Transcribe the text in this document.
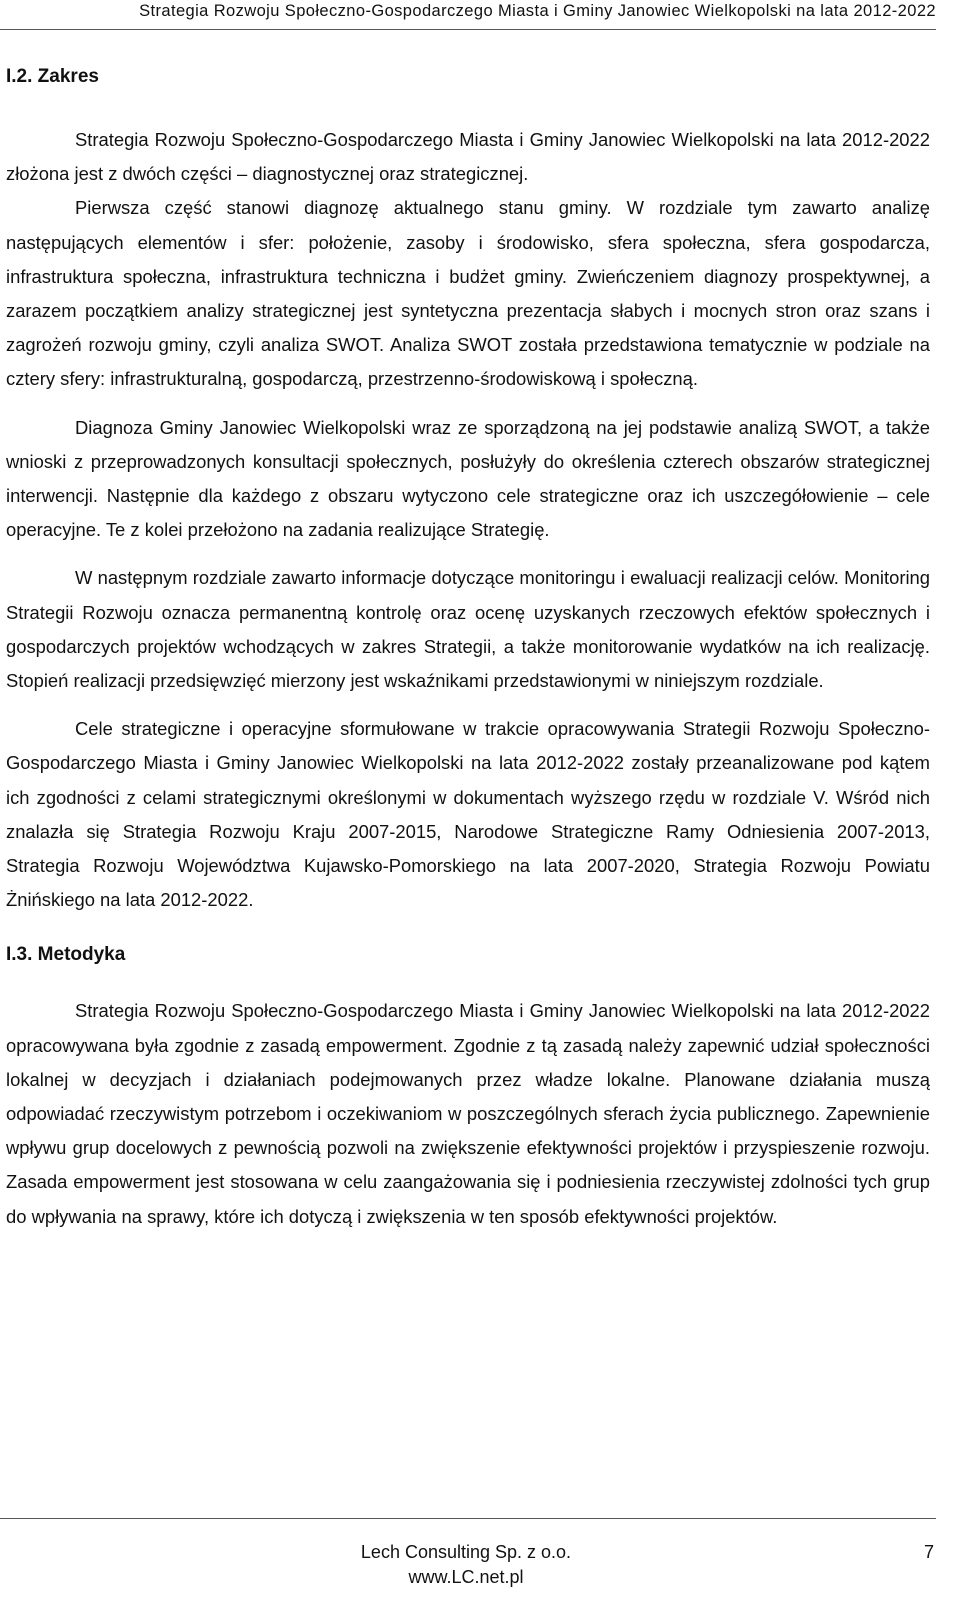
Strategia Rozwoju Społeczno-Gospodarczego Miasta i Gminy Janowiec Wielkopolski na lata 2012-2022
I.2. Zakres

Strategia Rozwoju Społeczno-Gospodarczego Miasta i Gminy Janowiec Wielkopolski na lata 2012-2022 złożona jest z dwóch części – diagnostycznej oraz strategicznej.

Pierwsza część stanowi diagnozę aktualnego stanu gminy. W rozdziale tym zawarto analizę następujących elementów i sfer: położenie, zasoby i środowisko, sfera społeczna, sfera gospodarcza, infrastruktura społeczna, infrastruktura techniczna i budżet gminy. Zwieńczeniem diagnozy prospektywnej, a zarazem początkiem analizy strategicznej jest syntetyczna prezentacja słabych i mocnych stron oraz szans i zagrożeń rozwoju gminy, czyli analiza SWOT. Analiza SWOT została przedstawiona tematycznie w podziale na cztery sfery: infrastrukturalną, gospodarczą, przestrzenno-środowiskową i społeczną.

Diagnoza Gminy Janowiec Wielkopolski wraz ze sporządzoną na jej podstawie analizą SWOT, a także wnioski z przeprowadzonych konsultacji społecznych, posłużyły do określenia czterech obszarów strategicznej interwencji. Następnie dla każdego z obszaru wytyczono cele strategiczne oraz ich uszczegółowienie – cele operacyjne. Te z kolei przełożono na zadania realizujące Strategię.

W następnym rozdziale zawarto informacje dotyczące monitoringu i ewaluacji realizacji celów. Monitoring Strategii Rozwoju oznacza permanentną kontrolę oraz ocenę uzyskanych rzeczowych efektów społecznych i gospodarczych projektów wchodzących w zakres Strategii, a także monitorowanie wydatków na ich realizację. Stopień realizacji przedsięwzięć mierzony jest wskaźnikami przedstawionymi w niniejszym rozdziale.

Cele strategiczne i operacyjne sformułowane w trakcie opracowywania Strategii Rozwoju Społeczno-Gospodarczego Miasta i Gminy Janowiec Wielkopolski na lata 2012-2022 zostały przeanalizowane pod kątem ich zgodności z celami strategicznymi określonymi w dokumentach wyższego rzędu w rozdziale V. Wśród nich znalazła się Strategia Rozwoju Kraju 2007-2015, Narodowe Strategiczne Ramy Odniesienia 2007-2013, Strategia Rozwoju Województwa Kujawsko-Pomorskiego na lata 2007-2020, Strategia Rozwoju Powiatu Żnińskiego na lata 2012-2022.

I.3. Metodyka

Strategia Rozwoju Społeczno-Gospodarczego Miasta i Gminy Janowiec Wielkopolski na lata 2012-2022 opracowywana była zgodnie z zasadą empowerment. Zgodnie z tą zasadą należy zapewnić udział społeczności lokalnej w decyzjach i działaniach podejmowanych przez władze lokalne. Planowane działania muszą odpowiadać rzeczywistym potrzebom i oczekiwaniom w poszczególnych sferach życia publicznego. Zapewnienie wpływu grup docelowych z pewnością pozwoli na zwiększenie efektywności projektów i przyspieszenie rozwoju. Zasada empowerment jest stosowana w celu zaangażowania się i podniesienia rzeczywistej zdolności tych grup do wpływania na sprawy, które ich dotyczą i zwiększenia w ten sposób efektywności projektów.

Lech Consulting Sp. z o.o.
www.LC.net.pl
7
